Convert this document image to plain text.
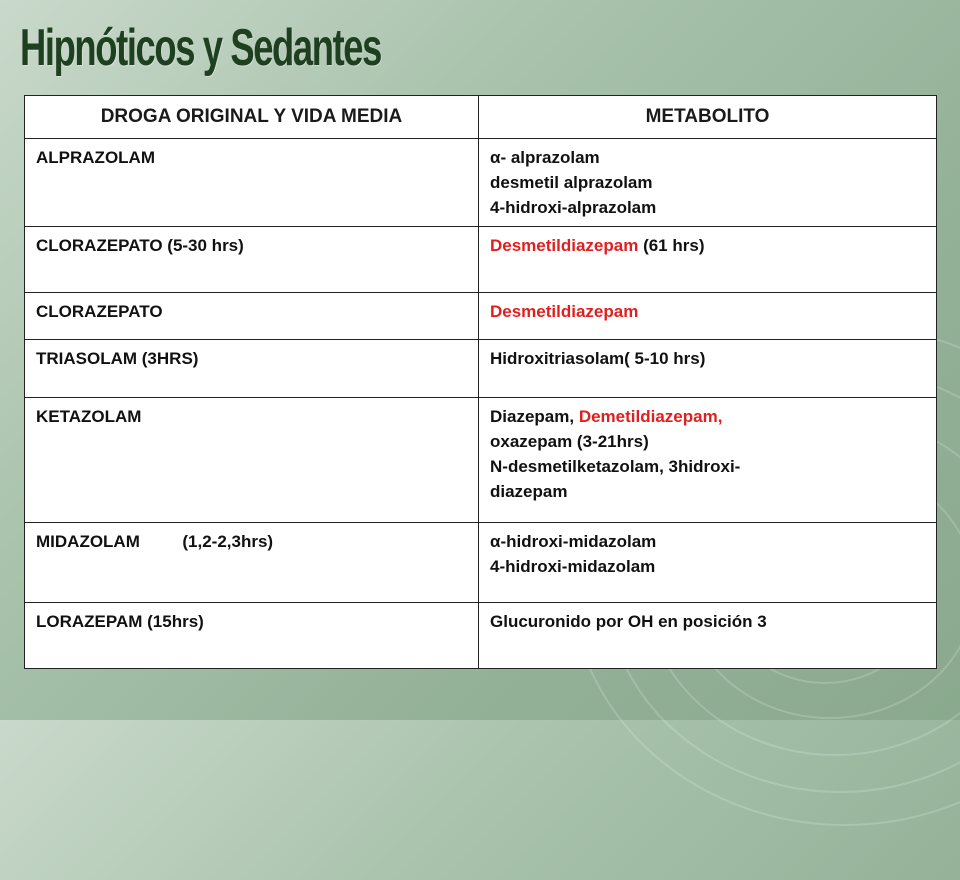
Hipnóticos y Sedantes
DROGA ORIGINAL Y VIDA MEDIA	METABOLITO
ALPRAZOLAM	α- alprazolam
desmetil alprazolam
4-hidroxi-alprazolam

CLORAZEPATO (5-30 hrs)	Desmetildiazepam (61 hrs)
CLORAZEPATO	Desmetildiazepam
TRIASOLAM (3HRS)	Hidroxitriasolam( 5-10 hrs)
KETAZOLAM	Diazepam, Demetildiazepam,
oxazepam (3-21hrs)
N-desmetilketazolam, 3hidroxi-
diazepam

MIDAZOLAM         (1,2-2,3hrs)	α-hidroxi-midazolam
4-hidroxi-midazolam

LORAZEPAM (15hrs)	Glucuronido por OH en posición 3
